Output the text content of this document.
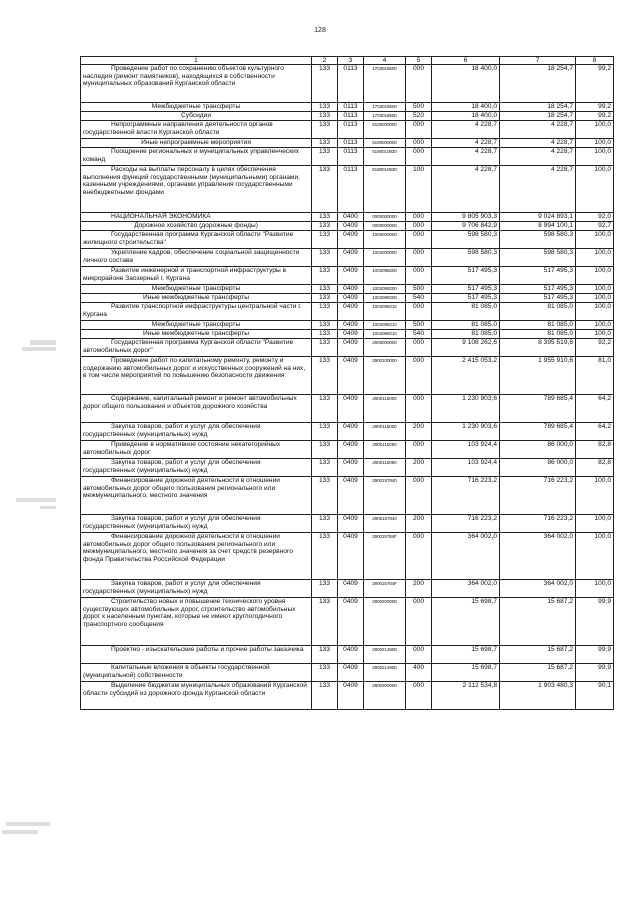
128
1	2	3	4	5	6	7	8

Проведение работ по сохранению объектов культурного наследия (ремонт памятников), находящихся в собственности муниципальных образований Курганской области	133	0113	1703018500	000	18 400,0	18 254,7	99,2

Межбюджетные трансферты	133	0113	1703018500	500	18 400,0	18 254,7	99,2

Субсидии	133	0113	1703018500	520	18 400,0	18 254,7	99,2

Непрограммные направления деятельности органов государственной власти Курганской области	133	0113	5100000000	000	4 228,7	4 228,7	100,0

Иные непрограммные мероприятия	133	0113	5190000000	000	4 228,7	4 228,7	100,0

Поощрение региональных и муниципальных управленческих команд	133	0113	5190010930	000	4 228,7	4 228,7	100,0

Расходы на выплаты персоналу в целях обеспечения выполнения функций государственными (муниципальными) органами, казенными учреждениями, органами управления государственными внебюджетными фондами	133	0113	5190010930	100	4 228,7	4 228,7	100,0

НАЦИОНАЛЬНАЯ ЭКОНОМИКА	133	0400	0000000000	000	9 805 903,3	9 024 893,1	92,0

Дорожное хозяйство (дорожные фонды)	133	0409	0000000000	000	9 706 842,9	8 994 100,1	92,7

Государственная программа Курганской области "Развитие жилищного строительства"	133	0409	1000000000	000	598 580,3	598 580,3	100,0

Укрепление кадров, обеспечение социальной защищенности личного состава	133	0409	1002000000	000	598 580,3	598 580,3	100,0

Развитие инженерной и транспортной инфраструктуры в микрорайоне Заозерный г. Кургана	133	0409	1002098200	000	517 495,3	517 495,3	100,0

Межбюджетные трансферты	133	0409	1002098200	500	517 495,3	517 495,3	100,0

Иные межбюджетные трансферты	133	0409	1002098200	540	517 495,3	517 495,3	100,0

Развитие транспортной инфраструктуры центральной части г. Кургана	133	0409	1002098210	000	81 085,0	81 085,0	100,0

Межбюджетные трансферты	133	0409	1002098210	500	81 085,0	81 085,0	100,0

Иные межбюджетные трансферты	133	0409	1002098210	540	81 085,0	81 085,0	100,0

Государственная программа Курганской области "Развитие автомобильных дорог"	133	0409	2900000000	000	9 108 262,6	8 395 519,8	92,2

Проведение работ по капитальному ремонту, ремонту и содержанию автомобильных дорог и искусственных сооружений на них, в том числе мероприятий по повышению безопасности движения	133	0409	2900100000	000	2 415 053,2	1 955 910,6	81,0

Содержание, капитальный ремонт и ремонт автомобильных дорог общего пользования и объектов дорожного хозяйства	133	0409	2900115000	000	1 230 903,6	789 685,4	64,2

Закупка товаров, работ и услуг для обеспечения государственных (муниципальных) нужд	133	0409	2900115000	200	1 230 903,6	789 685,4	64,2

Приведение в нормативное состояние некатегорийных автомобильных дорог	133	0409	2900115090	000	103 924,4	86 000,0	82,8

Закупка товаров, работ и услуг для обеспечения государственных (муниципальных) нужд	133	0409	2900115090	200	103 924,4	86 000,0	82,8

Финансирование дорожной деятельности в отношении автомобильных дорог общего пользования регионального или межмуниципального, местного значения	133	0409	2900157840	000	716 223,2	716 223,2	100,0

Закупка товаров, работ и услуг для обеспечения государственных (муниципальных) нужд	133	0409	2900157840	200	716 223,2	716 223,2	100,0

Финансирование дорожной деятельности в отношении автомобильных дорог общего пользования регионального или межмуниципального, местного значения за счет средств резервного фонда Правительства Российской Федерации	133	0409	290015784F	000	364 002,0	364 002,0	100,0

Закупка товаров, работ и услуг для обеспечения государственных (муниципальных) нужд	133	0409	290015784F	200	364 002,0	364 002,0	100,0

Строительство новых и повышение технического уровня существующих автомобильных дорог, строительство автомобильных дорог к населенным пунктам, которые не имеют круглогодичного транспортного сообщения	133	0409	2900200000	000	15 698,7	15 687,2	99,9

Проектно - изыскательские работы и прочие работы заказчика	133	0409	2900214900	000	15 698,7	15 687,2	99,9

Капитальные вложения в объекты государственной (муниципальной) собственности	133	0409	2900214900	400	15 698,7	15 687,2	99,9

Выделение бюджетам муниципальных образований Курганской области субсидий из дорожного фонда Курганской области	133	0409	2900300000	000	2 112 534,8	1 903 480,3	90,1
